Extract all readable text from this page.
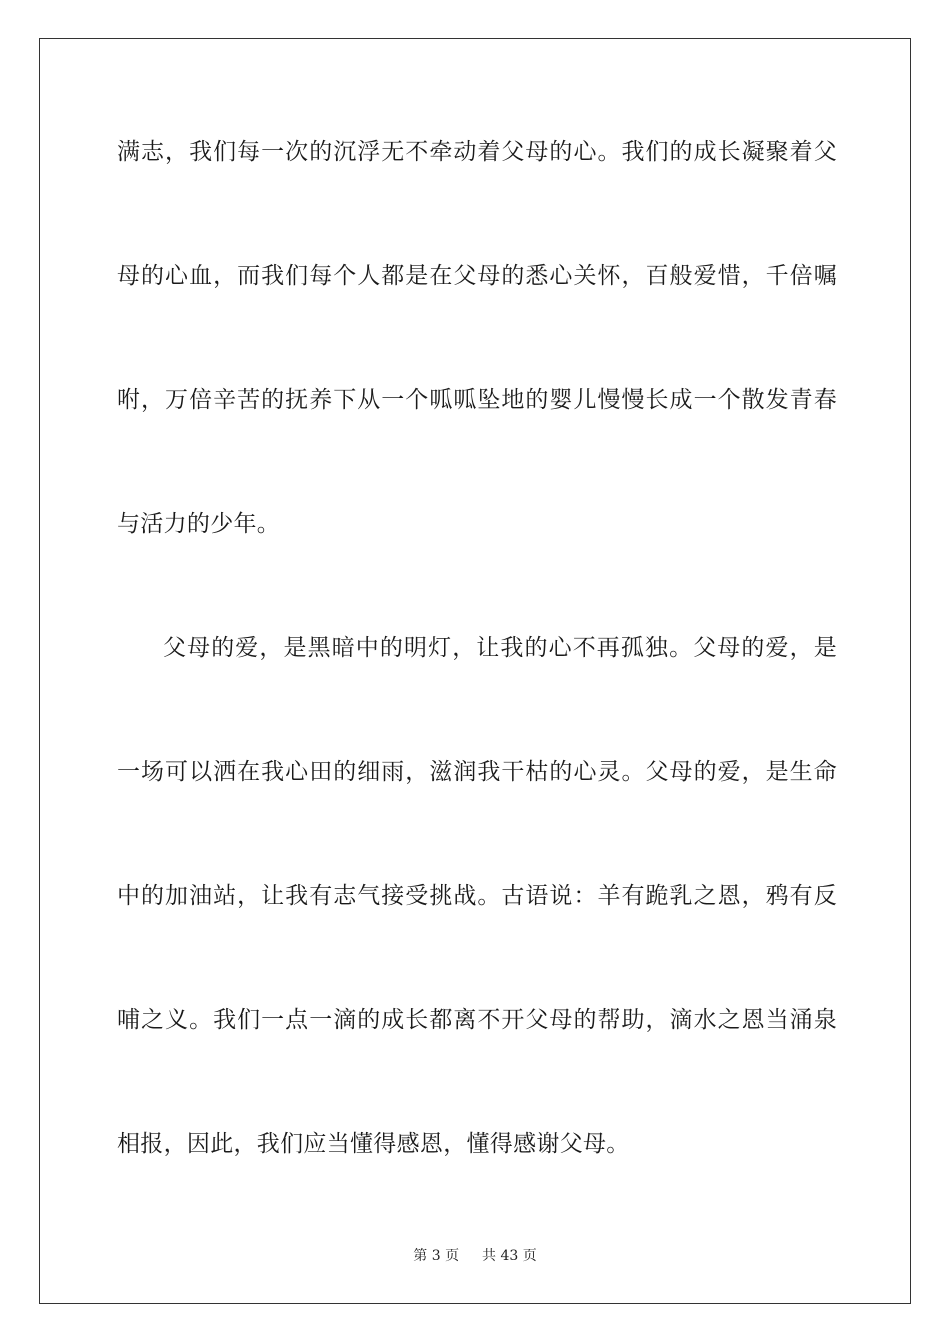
满志，我们每一次的沉浮无不牵动着父母的心。我们的成长凝聚着父
母的心血，而我们每个人都是在父母的悉心关怀，百般爱惜，千倍嘱
咐，万倍辛苦的抚养下从一个呱呱坠地的婴儿慢慢长成一个散发青春
与活力的少年。
父母的爱，是黑暗中的明灯，让我的心不再孤独。父母的爱，是
一场可以洒在我心田的细雨，滋润我干枯的心灵。父母的爱，是生命
中的加油站，让我有志气接受挑战。古语说：羊有跪乳之恩，鸦有反
哺之义。我们一点一滴的成长都离不开父母的帮助，滴水之恩当涌泉
相报，因此，我们应当懂得感恩，懂得感谢父母。
第 3 页 共 43 页
